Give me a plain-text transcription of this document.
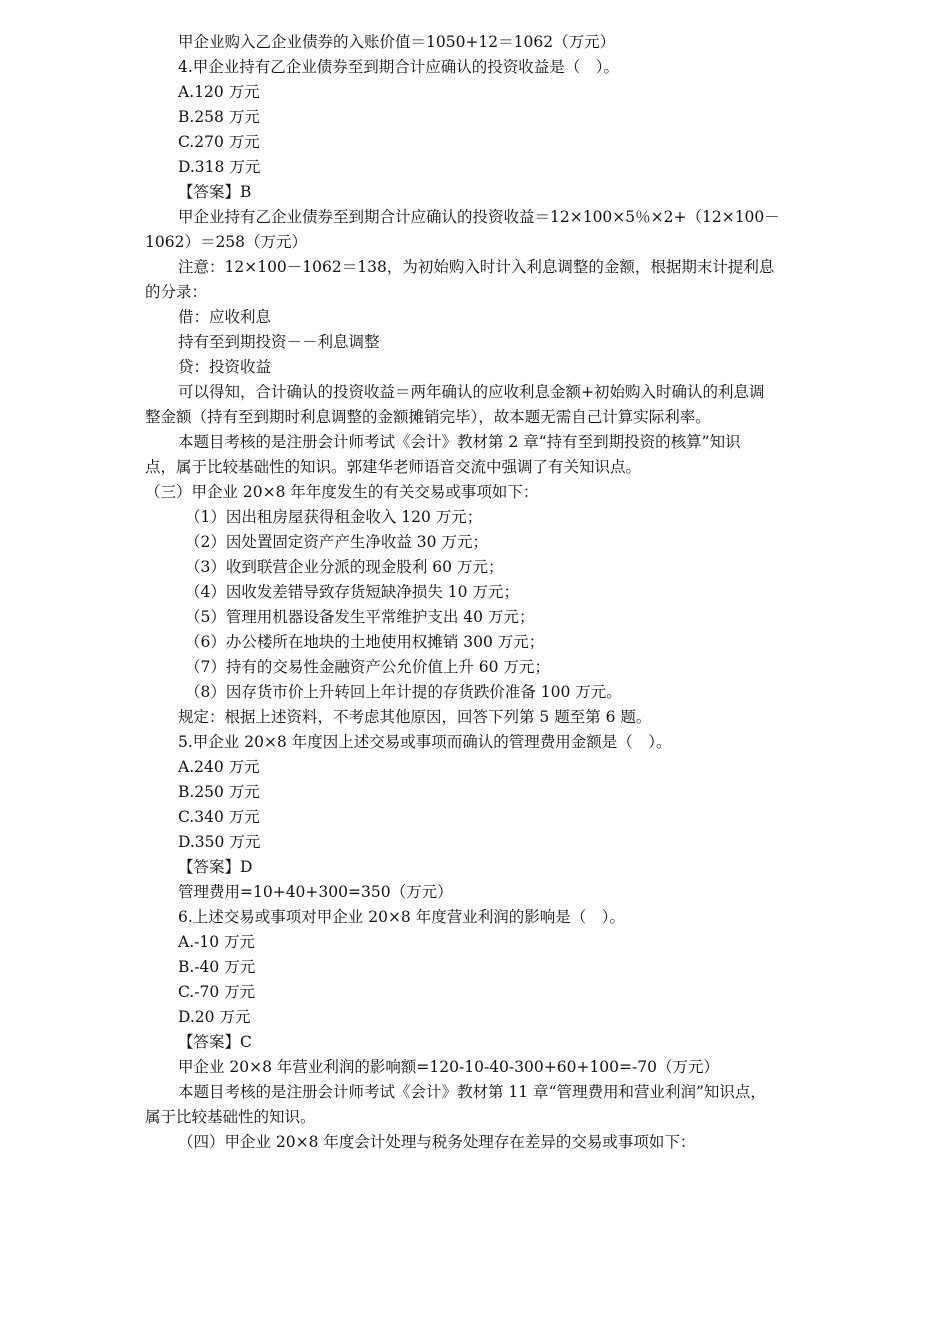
甲企业购入乙企业债券的入账价值＝1050+12＝1062（万元）
4.甲企业持有乙企业债券至到期合计应确认的投资收益是（　）。
A.120 万元
B.258 万元
C.270 万元
D.318 万元
【答案】B
甲企业持有乙企业债券至到期合计应确认的投资收益＝12×100×5％×2+（12×100－
1062）＝258（万元）
注意：12×100－1062＝138，为初始购入时计入利息调整的金额，根据期末计提利息
的分录：
借：应收利息
持有至到期投资－－利息调整
贷：投资收益
可以得知，合计确认的投资收益＝两年确认的应收利息金额+初始购入时确认的利息调
整金额（持有至到期时利息调整的金额摊销完毕），故本题无需自己计算实际利率。
本题目考核的是注册会计师考试《会计》教材第 2 章“持有至到期投资的核算”知识
点，属于比较基础性的知识。郭建华老师语音交流中强调了有关知识点。
（三）甲企业 20×8 年年度发生的有关交易或事项如下：
（1）因出租房屋获得租金收入 120 万元；
（2）因处置固定资产产生净收益 30 万元；
（3）收到联营企业分派的现金股利 60 万元；
（4）因收发差错导致存货短缺净损失 10 万元；
（5）管理用机器设备发生平常维护支出 40 万元；
（6）办公楼所在地块的土地使用权摊销 300 万元；
（7）持有的交易性金融资产公允价值上升 60 万元；
（8）因存货市价上升转回上年计提的存货跌价准备 100 万元。
规定：根据上述资料，不考虑其他原因，回答下列第 5 题至第 6 题。
5.甲企业 20×8 年度因上述交易或事项而确认的管理费用金额是（　）。
A.240 万元
B.250 万元
C.340 万元
D.350 万元
【答案】D
管理费用=10+40+300=350（万元）
6.上述交易或事项对甲企业 20×8 年度营业利润的影响是（　）。
A.-10 万元
B.-40 万元
C.-70 万元
D.20 万元
【答案】C
甲企业 20×8 年营业利润的影响额=120-10-40-300+60+100=-70（万元）
本题目考核的是注册会计师考试《会计》教材第 11 章“管理费用和营业利润”知识点，
属于比较基础性的知识。
（四）甲企业 20×8 年度会计处理与税务处理存在差异的交易或事项如下：
